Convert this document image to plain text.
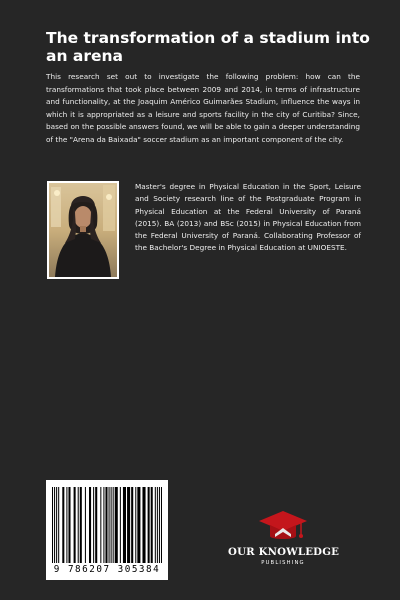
The transformation of a stadium into an arena

This research set out to investigate the following problem: how can the transformations that took place between 2009 and 2014, in terms of infrastructure and functionality, at the Joaquim Américo Guimarães Stadium, influence the ways in which it is appropriated as a leisure and sports facility in the city of Curitiba? Since, based on the possible answers found, we will be able to gain a deeper understanding of the "Arena da Baixada" soccer stadium as an important component of the city.

Master's degree in Physical Education in the Sport, Leisure and Society research line of the Postgraduate Program in Physical Education at the Federal University of Paraná (2015). BA (2013) and BSc (2015) in Physical Education from the Federal University of Paraná. Collaborating Professor of the Bachelor's Degree in Physical Education at UNIOESTE.

9 786207 305384
OUR KNOWLEDGE
PUBLISHING
